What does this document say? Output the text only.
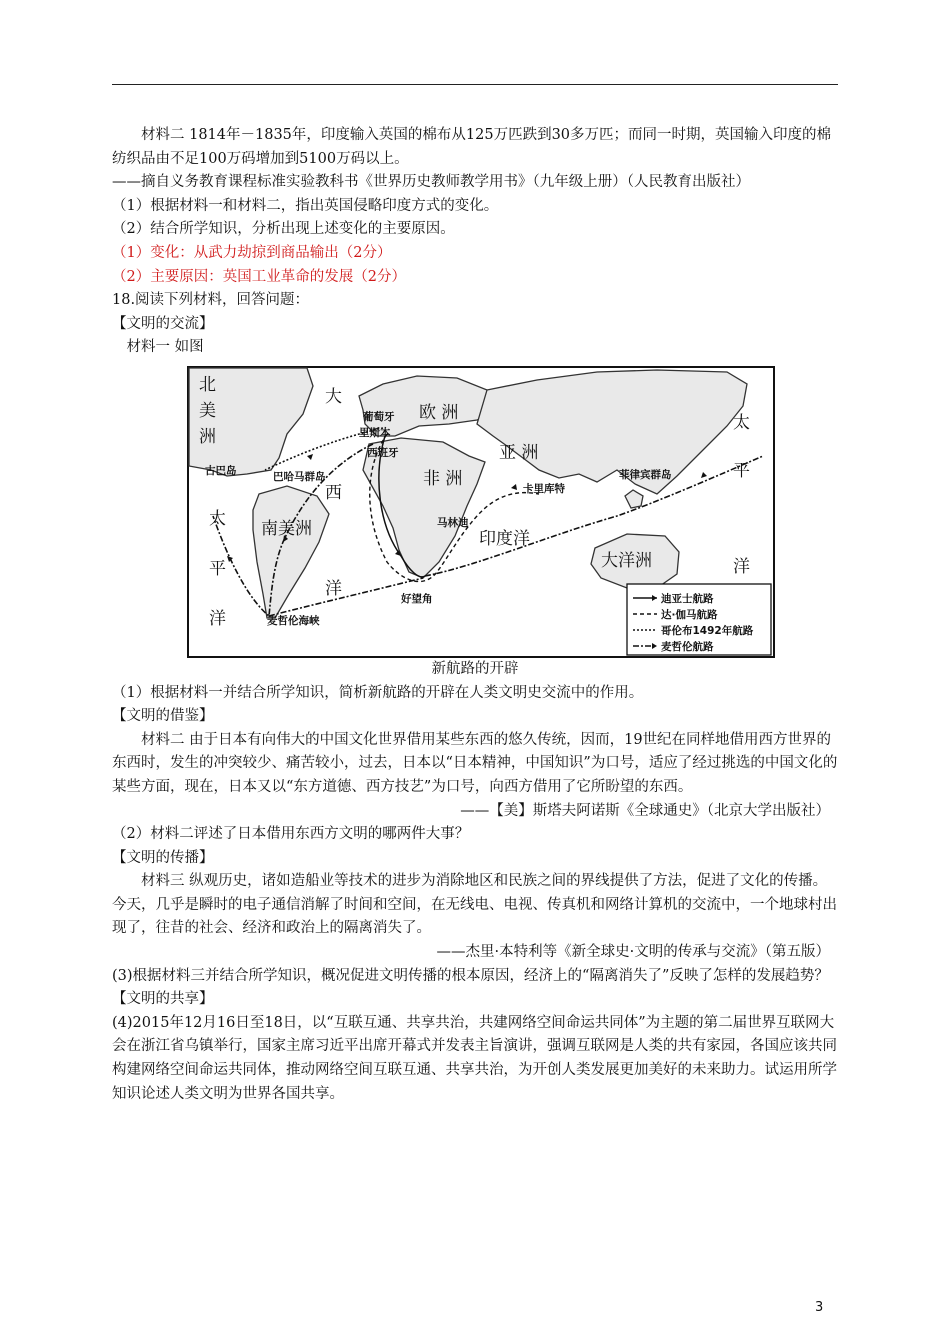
材料二 1814年－1835年，印度输入英国的棉布从125万匹跌到30多万匹；而同一时期，英国输入印度的棉纺织品由不足100万码增加到5100万码以上。

——摘自义务教育课程标准实验教科书《世界历史教师教学用书》（九年级上册）（人民教育出版社）

（1）根据材料一和材料二，指出英国侵略印度方式的变化。

（2）结合所学知识，分析出现上述变化的主要原因。

（1）变化：从武力劫掠到商品输出（2分）

（2）主要原因：英国工业革命的发展（2分）

18.阅读下列材料，回答问题：

【文明的交流】

材料一 如图

北
美
洲
太
平
洋
大
西
洋
欧 洲
亚 洲
非 洲
南美洲	印度洋
大洋洲
太
平
洋
葡萄牙
里斯本
西班牙
古巴岛	巴哈马群岛
卡里库特
马林迪
菲律宾群岛
好望角
麦哲伦海峡
迪亚士航路
达·伽马航路
哥伦布1492年航路
麦哲伦航路

新航路的开辟

（1）根据材料一并结合所学知识，简析新航路的开辟在人类文明史交流中的作用。

【文明的借鉴】

材料二 由于日本有向伟大的中国文化世界借用某些东西的悠久传统，因而，19世纪在同样地借用西方世界的东西时，发生的冲突较少、痛苦较小，过去，日本以“日本精神，中国知识”为口号，适应了经过挑选的中国文化的某些方面，现在，日本又以“东方道德、西方技艺”为口号，向西方借用了它所盼望的东西。

——【美】斯塔夫阿诺斯《全球通史》（北京大学出版社）

（2）材料二评述了日本借用东西方文明的哪两件大事？

【文明的传播】

材料三 纵观历史，诸如造船业等技术的进步为消除地区和民族之间的界线提供了方法，促进了文化的传播。今天，几乎是瞬时的电子通信消解了时间和空间，在无线电、电视、传真机和网络计算机的交流中，一个地球村出现了，往昔的社会、经济和政治上的隔离消失了。

——杰里·本特利等《新全球史·文明的传承与交流》（第五版）

(3)根据材料三并结合所学知识，概况促进文明传播的根本原因，经济上的“隔离消失了”反映了怎样的发展趋势？

【文明的共享】

(4)2015年12月16日至18日，以“互联互通、共享共治，共建网络空间命运共同体”为主题的第二届世界互联网大会在浙江省乌镇举行，国家主席习近平出席开幕式并发表主旨演讲，强调互联网是人类的共有家园，各国应该共同构建网络空间命运共同体，推动网络空间互联互通、共享共治，为开创人类发展更加美好的未来助力。试运用所学知识论述人类文明为世界各国共享。

3
